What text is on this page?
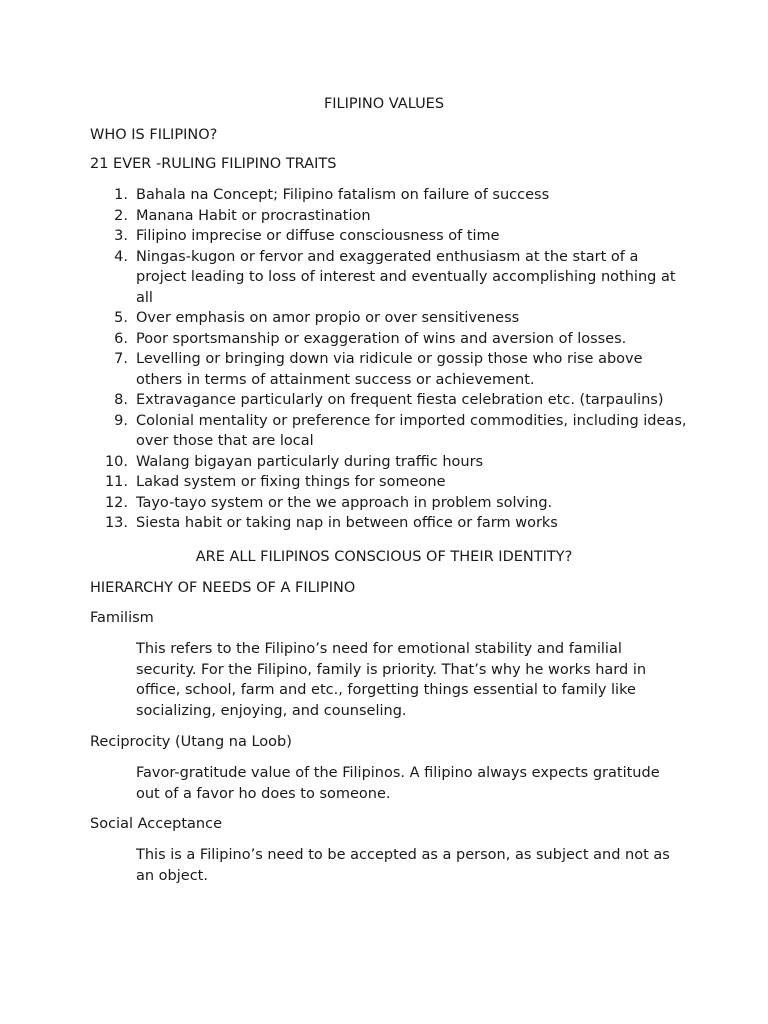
FILIPINO VALUES
WHO IS FILIPINO?
21 EVER -RULING FILIPINO TRAITS
1. Bahala na Concept; Filipino fatalism on failure of success
2. Manana Habit or procrastination
3. Filipino imprecise or diffuse consciousness of time
4. Ningas-kugon or fervor and exaggerated enthusiasm at the start of a project leading to loss of interest and eventually accomplishing nothing at all
5. Over emphasis on amor propio or over sensitiveness
6. Poor sportsmanship or exaggeration of wins and aversion of losses.
7. Levelling or bringing down via ridicule or gossip those who rise above others in terms of attainment success or achievement.
8. Extravagance particularly on frequent fiesta celebration etc. (tarpaulins)
9. Colonial mentality or preference for imported commodities, including ideas, over those that are local
10. Walang bigayan particularly during traffic hours
11. Lakad system or fixing things for someone
12. Tayo-tayo system or the we approach in problem solving.
13. Siesta habit or taking nap in between office or farm works
ARE ALL FILIPINOS CONSCIOUS OF THEIR IDENTITY?
HIERARCHY OF NEEDS OF A FILIPINO
Familism

This refers to the Filipino’s need for emotional stability and familial security. For the Filipino, family is priority. That’s why he works hard in office, school, farm and etc., forgetting things essential to family like socializing, enjoying, and counseling.

Reciprocity (Utang na Loob)

Favor-gratitude value of the Filipinos. A filipino always expects gratitude out of a favor ho does to someone.

Social Acceptance

This is a Filipino’s need to be accepted as a person, as subject and not as an object.
